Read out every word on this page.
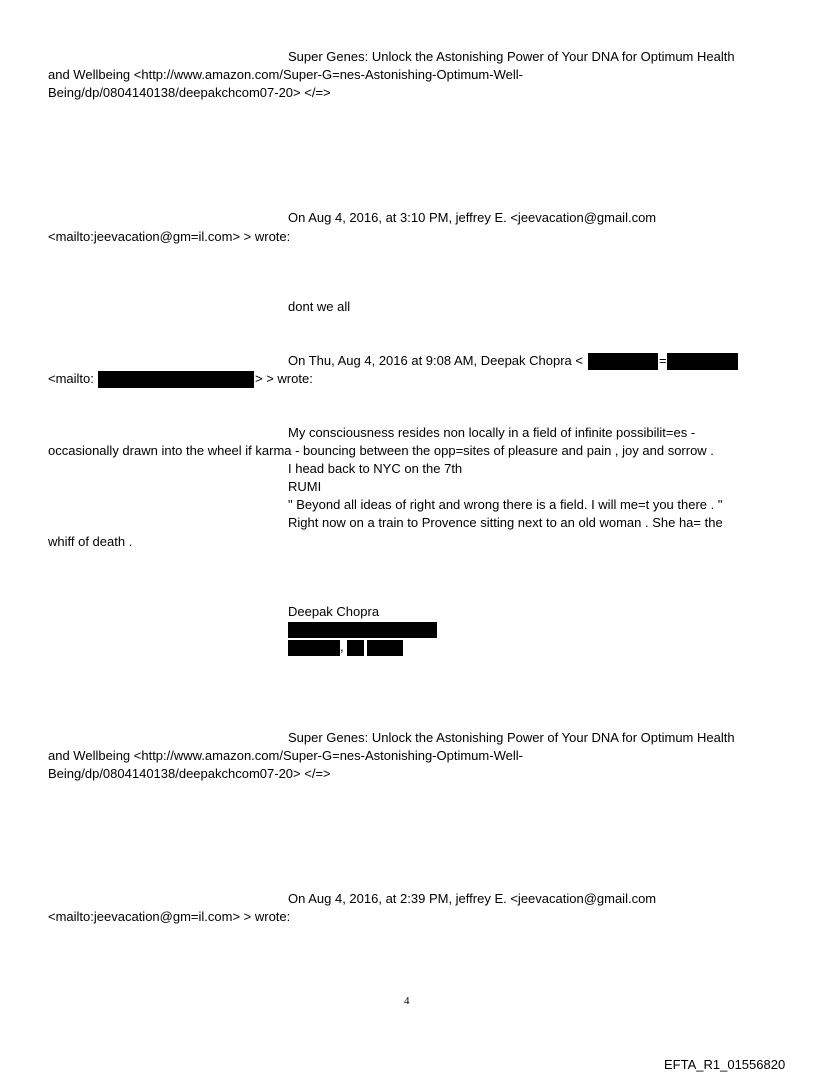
Super Genes: Unlock the Astonishing Power of Your DNA for Optimum Health
and Wellbeing <http://www.amazon.com/Super-G=nes-Astonishing-Optimum-Well-
Being/dp/0804140138/deepakchcom07-20> </=>
On Aug 4, 2016, at 3:10 PM, jeffrey E. <jeevacation@gmail.com
<mailto:jeevacation@gm=il.com> > wrote:
dont we all
On Thu, Aug 4, 2016 at 9:08 AM, Deepak Chopra <	=
<mailto:	> > wrote:
My consciousness resides non locally in a field of infinite possibilit=es -
occasionally drawn into the wheel if karma - bouncing between the opp=sites of pleasure and pain , joy and sorrow .
I head back to NYC on the 7th
RUMI
" Beyond all ideas of right and wrong there is a field. I will me=t you there . "
Right now on a train to Provence sitting next to an old woman . She ha= the
whiff of death .
Deepak Chopra
,
Super Genes: Unlock the Astonishing Power of Your DNA for Optimum Health
and Wellbeing <http://www.amazon.com/Super-G=nes-Astonishing-Optimum-Well-
Being/dp/0804140138/deepakchcom07-20> </=>
On Aug 4, 2016, at 2:39 PM, jeffrey E. <jeevacation@gmail.com
<mailto:jeevacation@gm=il.com> > wrote:
4
EFTA_R1_01556820
